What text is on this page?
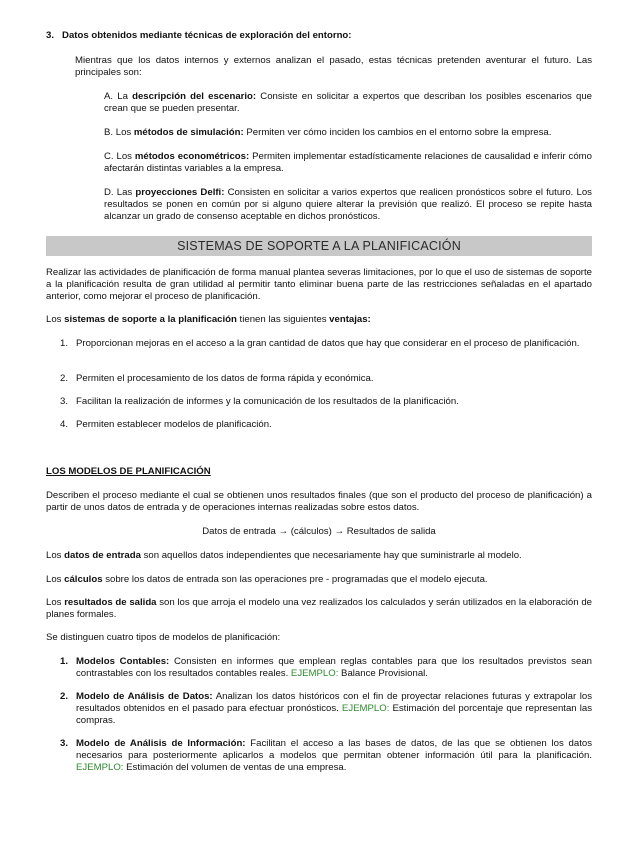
3. Datos obtenidos mediante técnicas de exploración del entorno:
Mientras que los datos internos y externos analizan el pasado, estas técnicas pretenden aventurar el futuro. Las principales son:
A. La descripción del escenario: Consiste en solicitar a expertos que describan los posibles escenarios que crean que se pueden presentar.
B. Los métodos de simulación: Permiten ver cómo inciden los cambios en el entorno sobre la empresa.
C. Los métodos econométricos: Permiten implementar estadísticamente relaciones de causalidad e inferir cómo afectarán distintas variables a la empresa.
D. Las proyecciones Delfi: Consisten en solicitar a varios expertos que realicen pronósticos sobre el futuro. Los resultados se ponen en común por si alguno quiere alterar la previsión que realizó. El proceso se repite hasta alcanzar un grado de consenso aceptable en dichos pronósticos.
SISTEMAS DE SOPORTE A LA PLANIFICACIÓN
Realizar las actividades de planificación de forma manual plantea severas limitaciones, por lo que el uso de sistemas de soporte a la planificación resulta de gran utilidad al permitir tanto eliminar buena parte de las restricciones señaladas en el apartado anterior, como mejorar el proceso de planificación.
Los sistemas de soporte a la planificación tienen las siguientes ventajas:
1. Proporcionan mejoras en el acceso a la gran cantidad de datos que hay que considerar en el proceso de planificación.
2. Permiten el procesamiento de los datos de forma rápida y económica.
3. Facilitan la realización de informes y la comunicación de los resultados de la planificación.
4. Permiten establecer modelos de planificación.
LOS MODELOS DE PLANIFICACIÓN
Describen el proceso mediante el cual se obtienen unos resultados finales (que son el producto del proceso de planificación) a partir de unos datos de entrada y de operaciones internas realizadas sobre estos datos.
Datos de entrada → (cálculos) → Resultados de salida
Los datos de entrada son aquellos datos independientes que necesariamente hay que suministrarle al modelo.
Los cálculos sobre los datos de entrada son las operaciones pre - programadas que el modelo ejecuta.
Los resultados de salida son los que arroja el modelo una vez realizados los calculados y serán utilizados en la elaboración de planes formales.
Se distinguen cuatro tipos de modelos de planificación:
1. Modelos Contables: Consisten en informes que emplean reglas contables para que los resultados previstos sean contrastables con los resultados contables reales. EJEMPLO: Balance Provisional.
2. Modelo de Análisis de Datos: Analizan los datos históricos con el fin de proyectar relaciones futuras y extrapolar los resultados obtenidos en el pasado para efectuar pronósticos. EJEMPLO: Estimación del porcentaje que representan las compras.
3. Modelo de Análisis de Información: Facilitan el acceso a las bases de datos, de las que se obtienen los datos necesarios para posteriormente aplicarlos a modelos que permitan obtener información útil para la planificación. EJEMPLO: Estimación del volumen de ventas de una empresa.
